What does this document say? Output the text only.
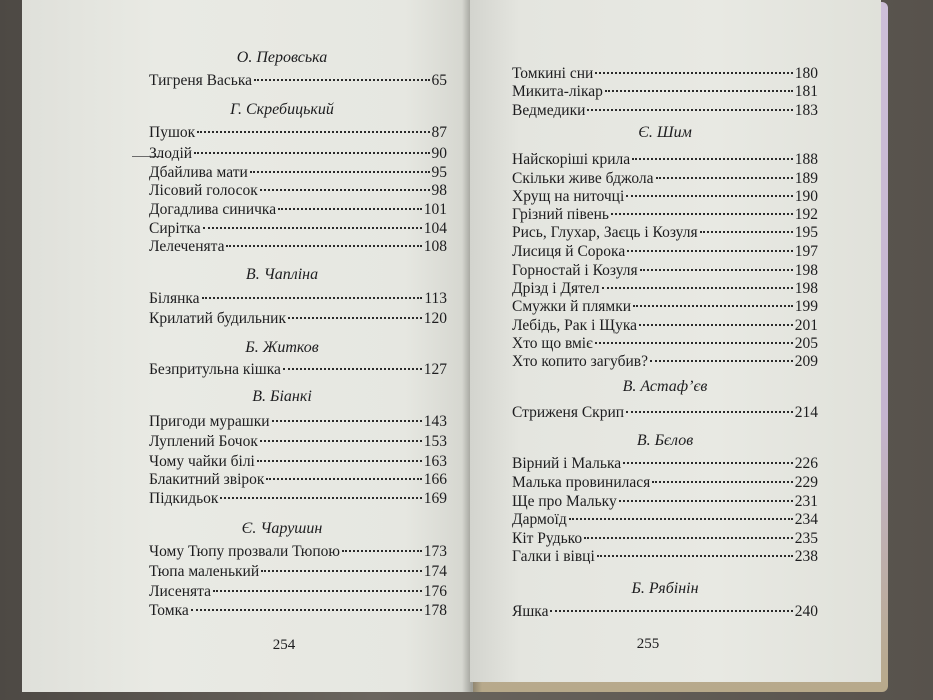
О. Перовська
Тигреня Васька	65
Г. Скребицький
Пушок	87
Злодій	90
Дбайлива мати	95
Лісовий голосок	98
Догадлива синичка	101
Сирітка	104
Лелеченята	108
В. Чапліна
Білянка	113
Крилатий будильник	120
Б. Житков
Безпритульна кішка	127
В. Біанкі
Пригоди мурашки	143
Луплений Бочок	153
Чому чайки білі	163
Блакитний звірок	166
Підкидьок	169
Є. Чарушин
Чому Тюпу прозвали Тюпою	173
Тюпа маленький	174
Лисенята	176
Томка	178
254
Томкині сни	180
Микита-лікар	181
Ведмедики	183
Є. Шим
Найскоріші крила	188
Скільки живе бджола	189
Хрущ на ниточці	190
Грізний півень	192
Рись, Глухар, Заєць і Козуля	195
Лисиця й Сорока	197
Горностай і Козуля	198
Дрізд і Дятел	198
Смужки й плямки	199
Лебідь, Рак і Щука	201
Хто що вміє	205
Хто копито загубив?	209
В. Астаф’єв
Стриженя Скрип	214
В. Бєлов
Вірний і Малька	226
Малька провинилася	229
Ще про Мальку	231
Дармоїд	234
Кіт Рудько	235
Галки і вівці	238
Б. Рябінін
Яшка	240
255
